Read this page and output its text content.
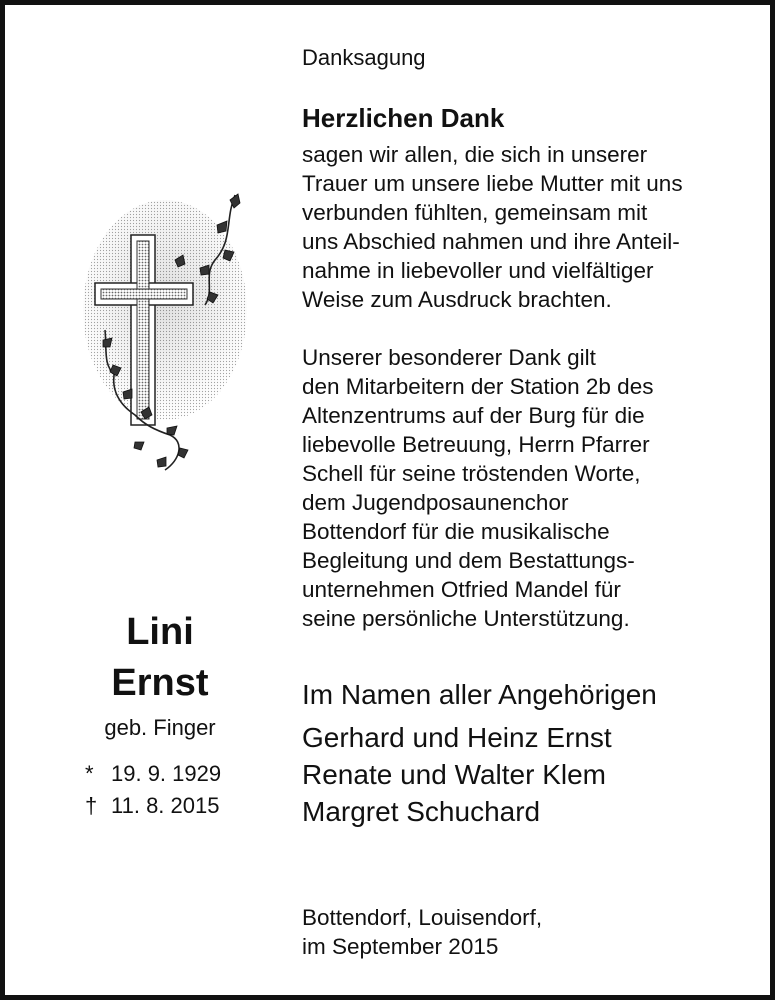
Danksagung
Herzlichen Dank
sagen wir allen, die sich in unserer
Trauer um unsere liebe Mutter mit uns
verbunden fühlten, gemeinsam mit
uns Abschied nahmen und ihre Anteil-
nahme in liebevoller und vielfältiger
Weise zum Ausdruck brachten.
Unserer besonderer Dank gilt
den Mitarbeitern der Station 2b des
Altenzentrums auf der Burg für die
liebevolle Betreuung, Herrn Pfarrer
Schell für seine tröstenden Worte,
dem Jugendposaunenchor
Bottendorf für die musikalische
Begleitung und dem Bestattungs-
unternehmen Otfried Mandel für
seine persönliche Unterstützung.
Im Namen aller Angehörigen
Gerhard und Heinz Ernst
Renate und Walter Klem
Margret Schuchard
Bottendorf, Louisendorf,
im September 2015
Lini
Ernst
geb. Finger
* 19. 9. 1929
† 11. 8. 2015
